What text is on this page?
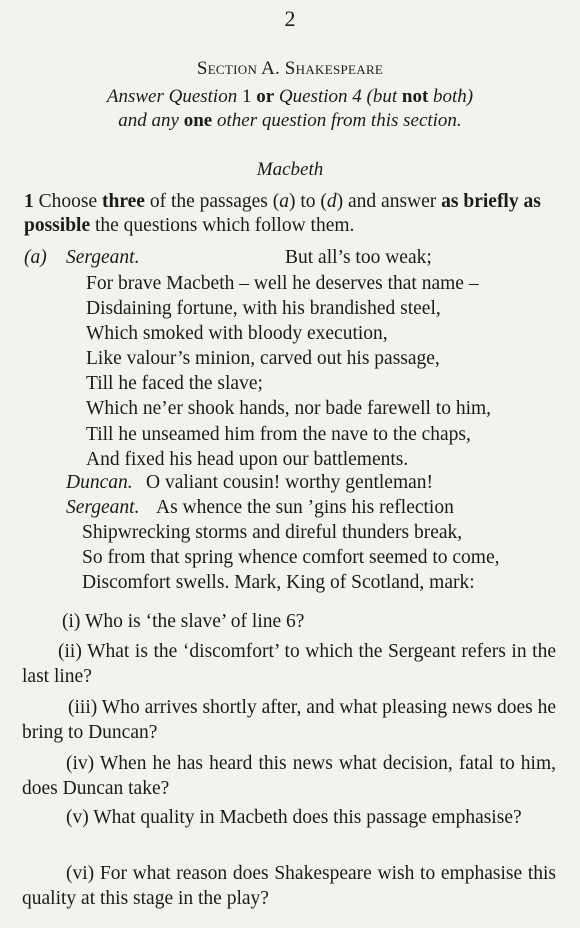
2
Section A. Shakespeare
Answer Question 1 or Question 4 (but not both)
and any one other question from this section.
Macbeth
1 Choose three of the passages (a) to (d) and answer as briefly as possible the questions which follow them.
(a) Sergeant.	But all’s too weak;
For brave Macbeth – well he deserves that name –
Disdaining fortune, with his brandished steel,
Which smoked with bloody execution,
Like valour’s minion, carved out his passage,
Till he faced the slave;
Which ne’er shook hands, nor bade farewell to him,
Till he unseamed him from the nave to the chaps,
And fixed his head upon our battlements.
Duncan. O valiant cousin! worthy gentleman!
Sergeant. As whence the sun ’gins his reflection
Shipwrecking storms and direful thunders break,
So from that spring whence comfort seemed to come,
Discomfort swells. Mark, King of Scotland, mark:
(i) Who is ‘the slave’ of line 6?
(ii) What is the ‘discomfort’ to which the Sergeant refers in the last line?
(iii) Who arrives shortly after, and what pleasing news does he bring to Duncan?
(iv) When he has heard this news what decision, fatal to him, does Duncan take?
(v) What quality in Macbeth does this passage emphasise?
(vi) For what reason does Shakespeare wish to emphasise this quality at this stage in the play?
